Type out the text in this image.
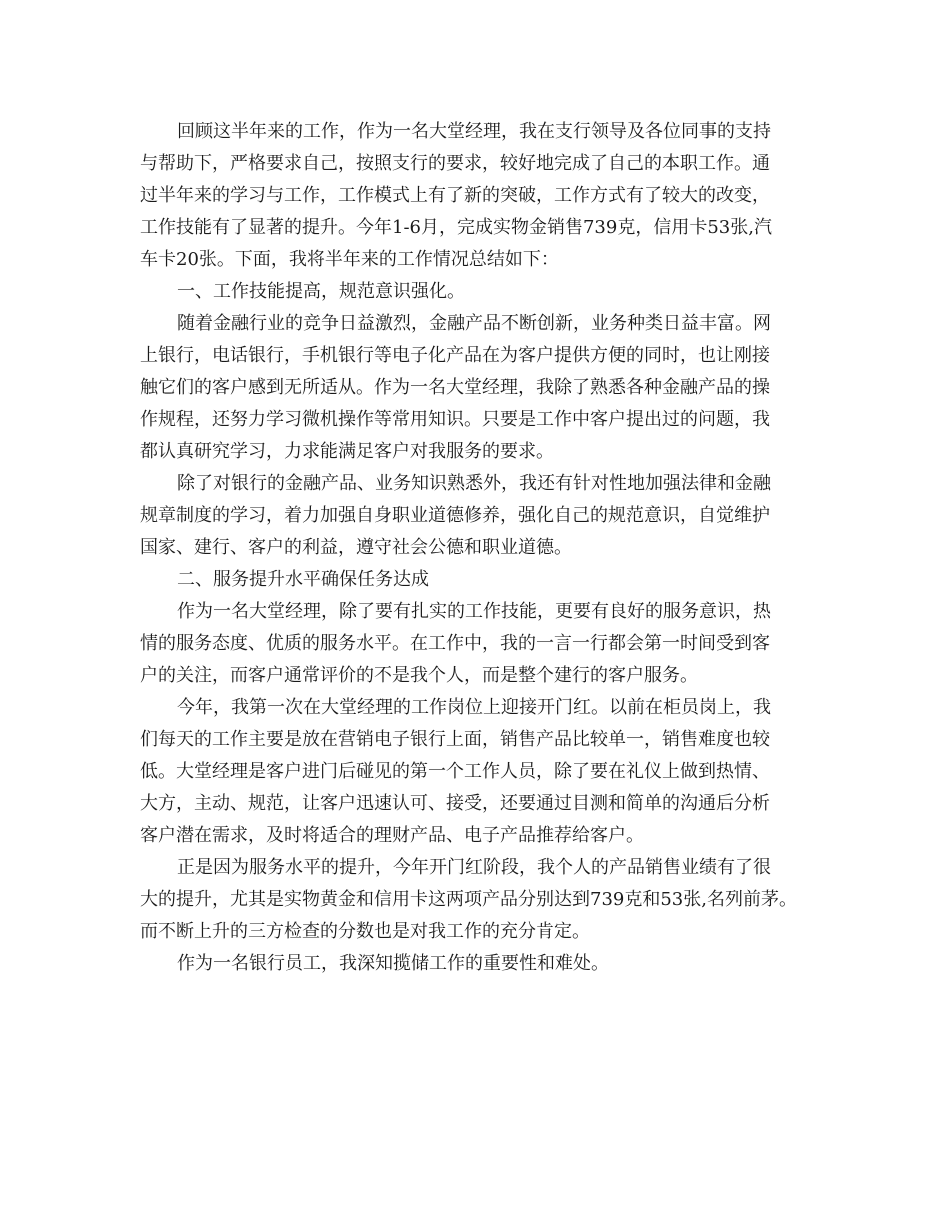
回顾这半年来的工作，作为一名大堂经理，我在支行领导及各位同事的支持
与帮助下，严格要求自己，按照支行的要求，较好地完成了自己的本职工作。通
过半年来的学习与工作，工作模式上有了新的突破，工作方式有了较大的改变，
工作技能有了显著的提升。今年1-6月，完成实物金销售739克，信用卡53张,汽
车卡20张。下面，我将半年来的工作情况总结如下：
一、工作技能提高，规范意识强化。
随着金融行业的竞争日益激烈，金融产品不断创新，业务种类日益丰富。网
上银行，电话银行，手机银行等电子化产品在为客户提供方便的同时，也让刚接
触它们的客户感到无所适从。作为一名大堂经理，我除了熟悉各种金融产品的操
作规程，还努力学习微机操作等常用知识。只要是工作中客户提出过的问题，我
都认真研究学习，力求能满足客户对我服务的要求。
除了对银行的金融产品、业务知识熟悉外，我还有针对性地加强法律和金融
规章制度的学习，着力加强自身职业道德修养，强化自己的规范意识，自觉维护
国家、建行、客户的利益，遵守社会公德和职业道德。
二、服务提升水平确保任务达成
作为一名大堂经理，除了要有扎实的工作技能，更要有良好的服务意识，热
情的服务态度、优质的服务水平。在工作中，我的一言一行都会第一时间受到客
户的关注，而客户通常评价的不是我个人，而是整个建行的客户服务。
今年，我第一次在大堂经理的工作岗位上迎接开门红。以前在柜员岗上，我
们每天的工作主要是放在营销电子银行上面，销售产品比较单一，销售难度也较
低。大堂经理是客户进门后碰见的第一个工作人员，除了要在礼仪上做到热情、
大方，主动、规范，让客户迅速认可、接受，还要通过目测和简单的沟通后分析
客户潜在需求，及时将适合的理财产品、电子产品推荐给客户。
正是因为服务水平的提升，今年开门红阶段，我个人的产品销售业绩有了很
大的提升，尤其是实物黄金和信用卡这两项产品分别达到739克和53张,名列前茅。
而不断上升的三方检查的分数也是对我工作的充分肯定。
作为一名银行员工，我深知揽储工作的重要性和难处。
